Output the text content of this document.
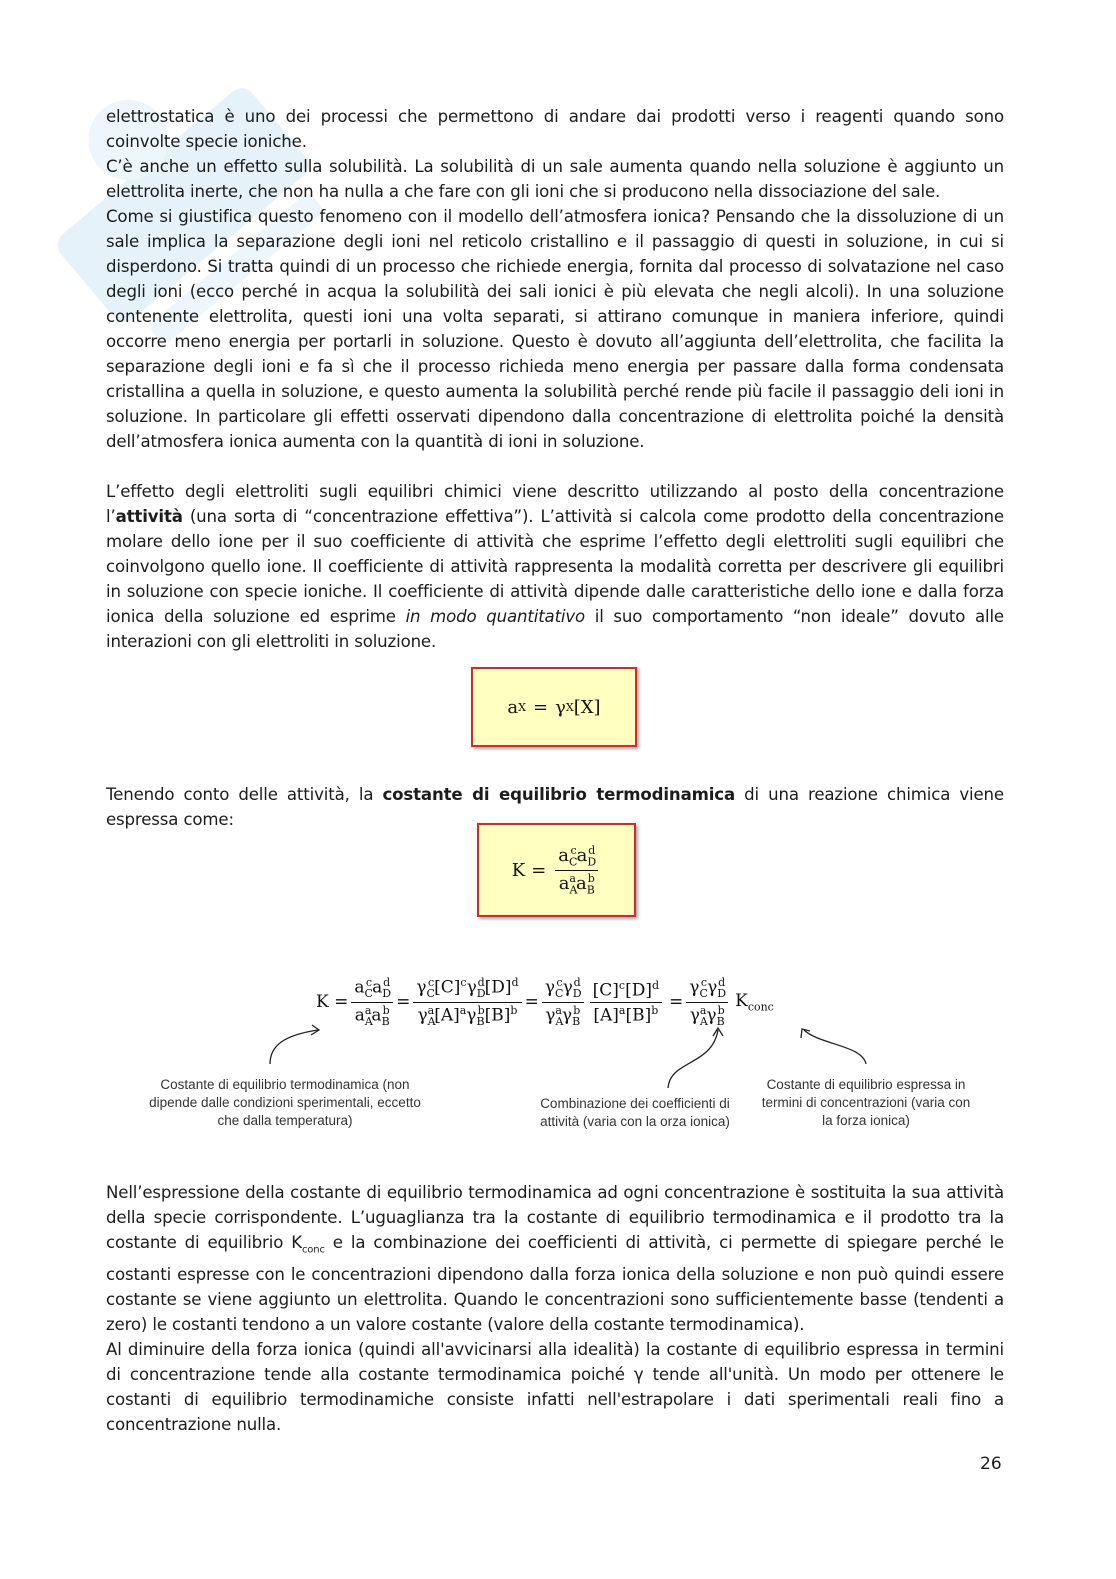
elettrostatica è uno dei processi che permettono di andare dai prodotti verso i reagenti quando sono coinvolte specie ioniche.

C’è anche un effetto sulla solubilità. La solubilità di un sale aumenta quando nella soluzione è aggiunto un elettrolita inerte, che non ha nulla a che fare con gli ioni che si producono nella dissociazione del sale.

Come si giustifica questo fenomeno con il modello dell’atmosfera ionica? Pensando che la dissoluzione di un sale implica la separazione degli ioni nel reticolo cristallino e il passaggio di questi in soluzione, in cui si disperdono. Si tratta quindi di un processo che richiede energia, fornita dal processo di solvatazione nel caso degli ioni (ecco perché in acqua la solubilità dei sali ionici è più elevata che negli alcoli). In una soluzione contenente elettrolita, questi ioni una volta separati, si attirano comunque in maniera inferiore, quindi occorre meno energia per portarli in soluzione. Questo è dovuto all’aggiunta dell’elettrolita, che facilita la separazione degli ioni e fa sì che il processo richieda meno energia per passare dalla forma condensata cristallina a quella in soluzione, e questo aumenta la solubilità perché rende più facile il passaggio deli ioni in soluzione. In particolare gli effetti osservati dipendono dalla concentrazione di elettrolita poiché la densità dell’atmosfera ionica aumenta con la quantità di ioni in soluzione.

L’effetto degli elettroliti sugli equilibri chimici viene descritto utilizzando al posto della concentrazione l’attività (una sorta di “concentrazione effettiva”). L’attività si calcola come prodotto della concentrazione molare dello ione per il suo coefficiente di attività che esprime l’effetto degli elettroliti sugli equilibri che coinvolgono quello ione. Il coefficiente di attività rappresenta la modalità corretta per descrivere gli equilibri in soluzione con specie ioniche. Il coefficiente di attività dipende dalle caratteristiche dello ione e dalla forza ionica della soluzione ed esprime in modo quantitativo il suo comportamento “non ideale” dovuto alle interazioni con gli elettroliti in soluzione.

a X = γ X [X]

Tenendo conto delle attività, la costante di equilibrio termodinamica di una reazione chimica viene espressa come:

$K = \frac{a_C^ca_D^d}{a_A^aa_B^b}$
$K = \frac{a_C^ca_D^d}{a_A^aa_B^b} = \frac{\gamma_C^c[C]^c\gamma_D^d[D]^d}{\gamma_A^a[A]^a\gamma_B^b[B]^b} = \frac{\gamma_C^c\gamma_D^d}{\gamma_A^a\gamma_B^b} \frac{[C]^c[D]^d}{[A]^a[B]^b} = \frac{\gamma_C^c\gamma_D^d}{\gamma_A^a\gamma_B^b} K_{conc}$
Costante di equilibrio termodinamica (non dipende dalle condizioni sperimentali, eccetto che dalla temperatura)
Combinazione dei coefficienti di attività (varia con la orza ionica)
Costante di equilibrio espressa in termini di concentrazioni (varia con la forza ionica)

Nell’espressione della costante di equilibrio termodinamica ad ogni concentrazione è sostituita la sua attività della specie corrispondente. L’uguaglianza tra la costante di equilibrio termodinamica e il prodotto tra la costante di equilibrio $K_{conc}$ e la combinazione dei coefficienti di attività, ci permette di spiegare perché le costanti espresse con le concentrazioni dipendono dalla forza ionica della soluzione e non può quindi essere costante se viene aggiunto un elettrolita. Quando le concentrazioni sono sufficientemente basse (tendenti a zero) le costanti tendono a un valore costante (valore della costante termodinamica).

Al diminuire della forza ionica (quindi all'avvicinarsi alla idealità) la costante di equilibrio espressa in termini di concentrazione tende alla costante termodinamica poiché γ tende all'unità. Un modo per ottenere le costanti di equilibrio termodinamiche consiste infatti nell'estrapolare i dati sperimentali reali fino a concentrazione nulla.

26
